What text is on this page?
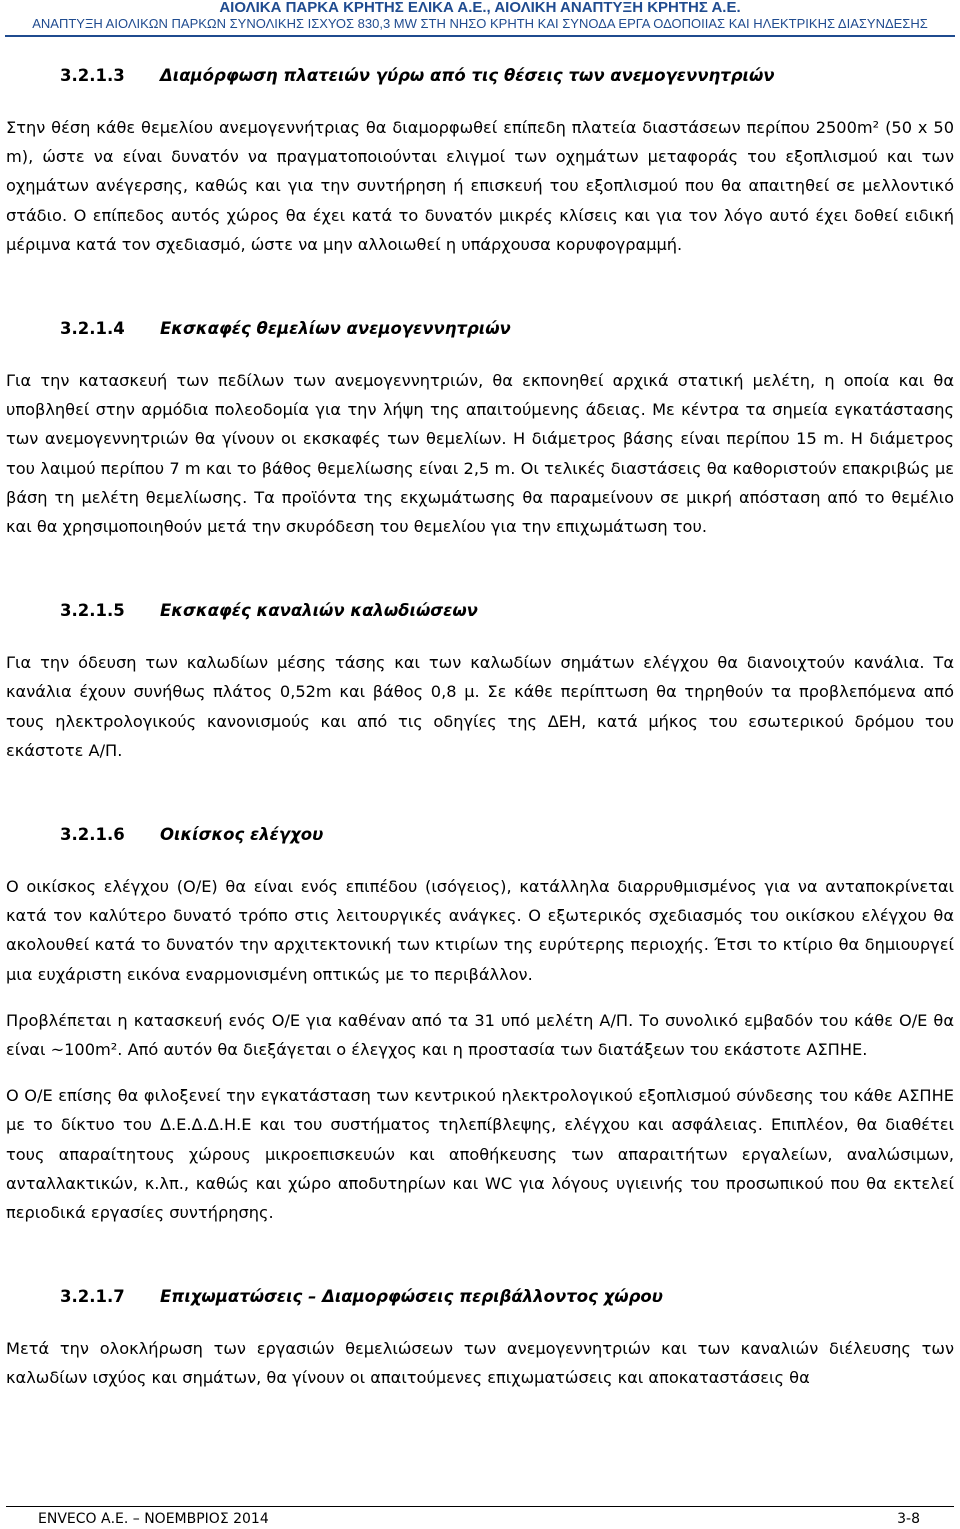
ΑΙΟΛΙΚΑ ΠΑΡΚΑ ΚΡΗΤΗΣ ΕΛΙΚΑ Α.Ε., ΑΙΟΛΙΚΗ ΑΝΑΠΤΥΞΗ ΚΡΗΤΗΣ Α.Ε.
ΑΝΑΠΤΥΞΗ ΑΙΟΛΙΚΩΝ ΠΑΡΚΩΝ ΣΥΝΟΛΙΚΗΣ ΙΣΧΥΟΣ 830,3 MW ΣΤΗ ΝΗΣΟ ΚΡΗΤΗ ΚΑΙ ΣΥΝΟΔΑ ΕΡΓΑ ΟΔΟΠΟΙΙΑΣ ΚΑΙ ΗΛΕΚΤΡΙΚΗΣ ΔΙΑΣΥΝΔΕΣΗΣ
3.2.1.3	Διαμόρφωση πλατειών γύρω από τις θέσεις των ανεμογεννητριών

Στην θέση κάθε θεμελίου ανεμογεννήτριας θα διαμορφωθεί επίπεδη πλατεία διαστάσεων περίπου 2500m² (50 x 50 m), ώστε να είναι δυνατόν να πραγματοποιούνται ελιγμοί των οχημάτων μεταφοράς του εξοπλισμού και των οχημάτων ανέγερσης, καθώς και για την συντήρηση ή επισκευή του εξοπλισμού που θα απαιτηθεί σε μελλοντικό στάδιο. Ο επίπεδος αυτός χώρος θα έχει κατά το δυνατόν μικρές κλίσεις και για τον λόγο αυτό έχει δοθεί ειδική μέριμνα κατά τον σχεδιασμό, ώστε να μην αλλοιωθεί η υπάρχουσα κορυφογραμμή.

3.2.1.4	Εκσκαφές θεμελίων ανεμογεννητριών

Για την κατασκευή των πεδίλων των ανεμογεννητριών, θα εκπονηθεί αρχικά στατική μελέτη, η οποία και θα υποβληθεί στην αρμόδια πολεοδομία για την λήψη της απαιτούμενης άδειας. Με κέντρα τα σημεία εγκατάστασης των ανεμογεννητριών θα γίνουν οι εκσκαφές των θεμελίων. Η διάμετρος βάσης είναι περίπου 15 m. Η διάμετρος του λαιμού περίπου 7 m και το βάθος θεμελίωσης είναι 2,5 m. Οι τελικές διαστάσεις θα καθοριστούν επακριβώς με βάση τη μελέτη θεμελίωσης. Τα προϊόντα της εκχωμάτωσης θα παραμείνουν σε μικρή απόσταση από το θεμέλιο και θα χρησιμοποιηθούν μετά την σκυρόδεση του θεμελίου για την επιχωμάτωση του.

3.2.1.5	Εκσκαφές καναλιών καλωδιώσεων

Για την όδευση των καλωδίων μέσης τάσης και των καλωδίων σημάτων ελέγχου θα διανοιχτούν κανάλια. Τα κανάλια έχουν συνήθως πλάτος 0,52m και βάθος 0,8 μ. Σε κάθε περίπτωση θα τηρηθούν τα προβλεπόμενα από τους ηλεκτρολογικούς κανονισμούς και από τις οδηγίες της ΔΕΗ, κατά μήκος του εσωτερικού δρόμου του εκάστοτε Α/Π.

3.2.1.6	Οικίσκος ελέγχου

Ο οικίσκος ελέγχου (Ο/Ε) θα είναι ενός επιπέδου (ισόγειος), κατάλληλα διαρρυθμισμένος για να ανταποκρίνεται κατά τον καλύτερο δυνατό τρόπο στις λειτουργικές ανάγκες. Ο εξωτερικός σχεδιασμός του οικίσκου ελέγχου θα ακολουθεί κατά το δυνατόν την αρχιτεκτονική των κτιρίων της ευρύτερης περιοχής. Έτσι το κτίριο θα δημιουργεί μια ευχάριστη εικόνα εναρμονισμένη οπτικώς με το περιβάλλον.

Προβλέπεται η κατασκευή ενός Ο/Ε για καθέναν από τα 31 υπό μελέτη Α/Π. Το συνολικό εμβαδόν του κάθε Ο/Ε θα είναι ~100m². Από αυτόν θα διεξάγεται ο έλεγχος και η προστασία των διατάξεων του εκάστοτε ΑΣΠΗΕ.

Ο Ο/Ε επίσης θα φιλοξενεί την εγκατάσταση των κεντρικού ηλεκτρολογικού εξοπλισμού σύνδεσης του κάθε ΑΣΠΗΕ με το δίκτυο του Δ.Ε.Δ.Δ.Η.Ε και του συστήματος τηλεπίβλεψης, ελέγχου και ασφάλειας. Επιπλέον, θα διαθέτει τους απαραίτητους χώρους μικροεπισκευών και αποθήκευσης των απαραιτήτων εργαλείων, αναλώσιμων, ανταλλακτικών, κ.λπ., καθώς και χώρο αποδυτηρίων και WC για λόγους υγιεινής του προσωπικού που θα εκτελεί περιοδικά εργασίες συντήρησης.

3.2.1.7	Επιχωματώσεις – Διαμορφώσεις περιβάλλοντος χώρου

Μετά την ολοκλήρωση των εργασιών θεμελιώσεων των ανεμογεννητριών και των καναλιών διέλευσης των καλωδίων ισχύος και σημάτων, θα γίνουν οι απαιτούμενες επιχωματώσεις και αποκαταστάσεις θα

ENVECO Α.Ε. – ΝΟΕΜΒΡΙΟΣ 2014	3-8
